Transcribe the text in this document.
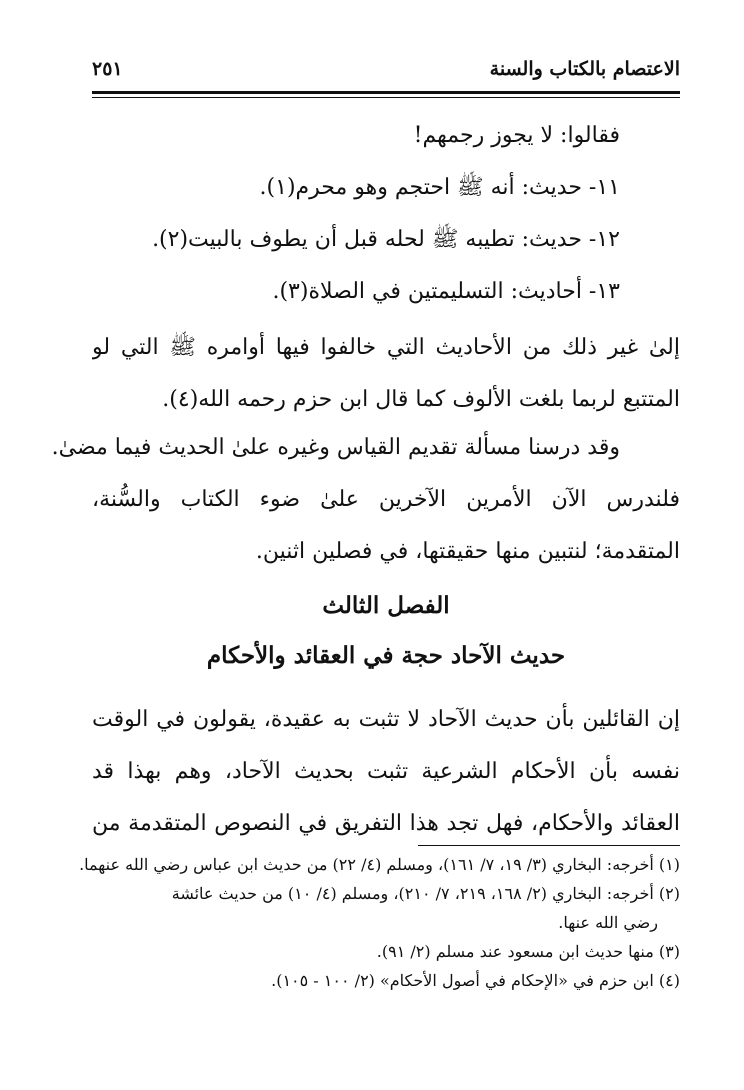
الاعتصام بالكتاب والسنة
٢٥١
فقالوا: لا يجوز رجمهم!
١١- حديث: أنه ﷺ احتجم وهو محرم(١).
١٢- حديث: تطيبه ﷺ لحله قبل أن يطوف بالبيت(٢).
١٣- أحاديث: التسليمتين في الصلاة(٣).
إلىٰ غير ذلك من الأحاديث التي خالفوا فيها أوامره ﷺ التي لو
المتتبع لربما بلغت الألوف كما قال ابن حزم رحمه الله(٤).
وقد درسنا مسألة تقديم القياس وغيره علىٰ الحديث فيما مضىٰ.
فلندرس الآن الأمرين الآخرين علىٰ ضوء الكتاب والسُّنة،
المتقدمة؛ لنتبين منها حقيقتها، في فصلين اثنين.
الفصل الثالث
حديث الآحاد حجة في العقائد والأحكام
إن القائلين بأن حديث الآحاد لا تثبت به عقيدة، يقولون في الوقت
نفسه بأن الأحكام الشرعية تثبت بحديث الآحاد، وهم بهذا قد
العقائد والأحكام، فهل تجد هذا التفريق في النصوص المتقدمة من
(١) أخرجه: البخاري (٣/ ١٩، ٧/ ١٦١)، ومسلم (٤/ ٢٢) من حديث ابن عباس رضي الله عنهما.
(٢) أخرجه: البخاري (٢/ ١٦٨، ٢١٩، ٧/ ٢١٠)، ومسلم (٤/ ١٠) من حديث عائشة
رضي الله عنها.
(٣) منها حديث ابن مسعود عند مسلم (٢/ ٩١).
(٤) ابن حزم في «الإحكام في أصول الأحكام» (٢/ ١٠٠ - ١٠٥).
